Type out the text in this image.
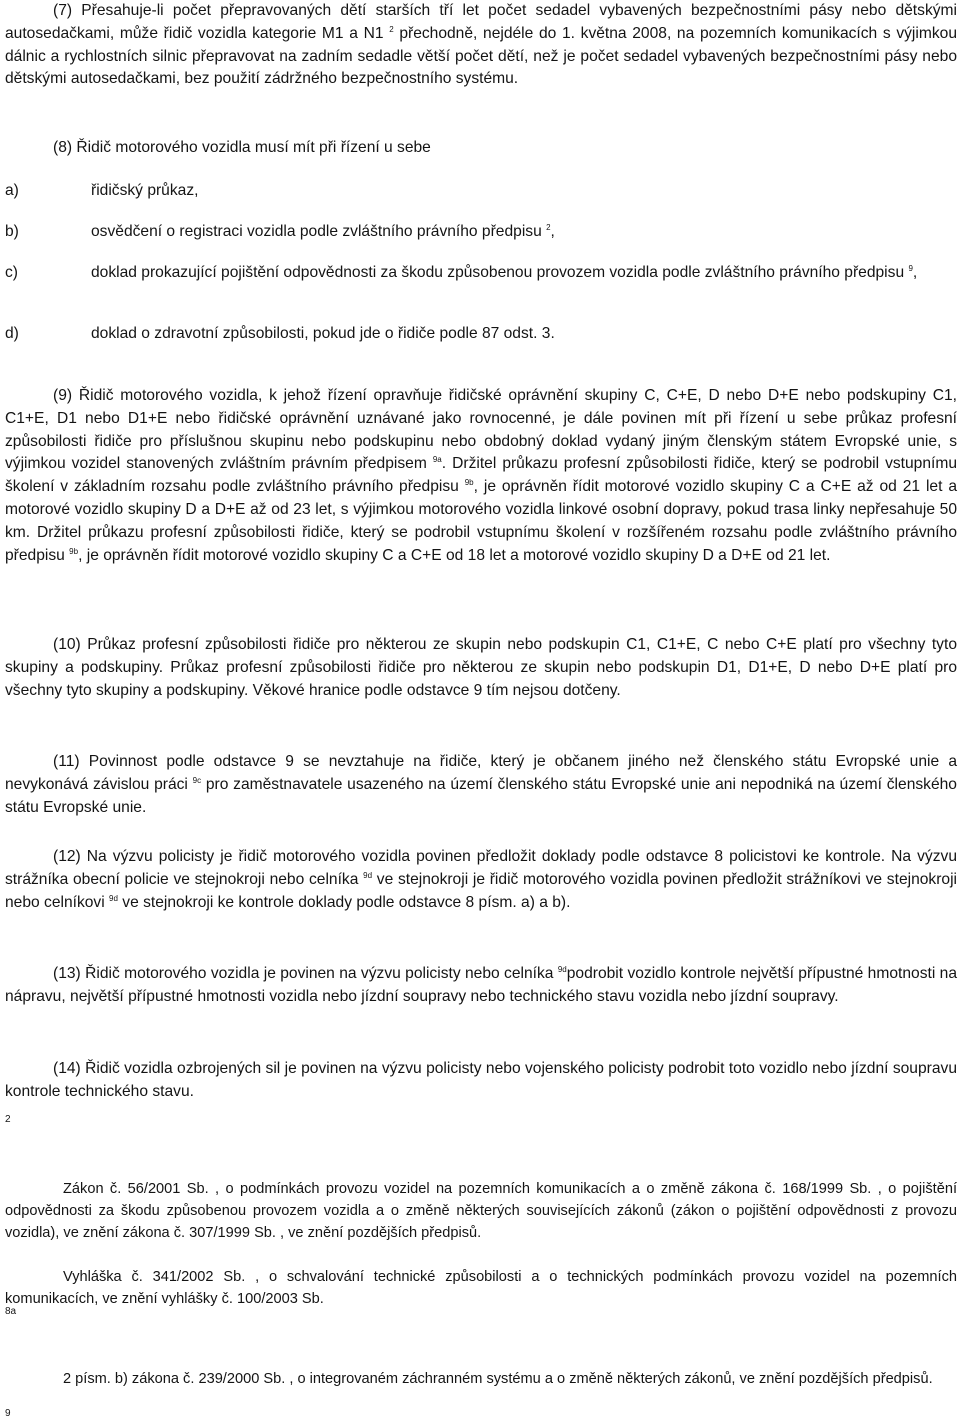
(7) Přesahuje-li počet přepravovaných dětí starších tří let počet sedadel vybavených bezpečnostními pásy nebo dětskými autosedačkami, může řidič vozidla kategorie M1 a N1 $^2$ přechodně, nejdéle do 1. května 2008, na pozemních komunikacích s výjimkou dálnic a rychlostních silnic přepravovat na zadním sedadle větší počet dětí, než je počet sedadel vybavených bezpečnostními pásy nebo dětskými autosedačkami, bez použití zádržného bezpečnostního systému.

(8) Řidič motorového vozidla musí mít při řízení u sebe

a)	řidičský průkaz,
b)	osvědčení o registraci vozidla podle zvláštního právního předpisu $^2$,
c)	doklad prokazující pojištění odpovědnosti za škodu způsobenou provozem vozidla podle zvláštního právního předpisu $^9$,
d)	doklad o zdravotní způsobilosti, pokud jde o řidiče podle 87 odst. 3.

(9) Řidič motorového vozidla, k jehož řízení opravňuje řidičské oprávnění skupiny C, C+E, D nebo D+E nebo podskupiny C1, C1+E, D1 nebo D1+E nebo řidičské oprávnění uznávané jako rovnocenné, je dále povinen mít při řízení u sebe průkaz profesní způsobilosti řidiče pro příslušnou skupinu nebo podskupinu nebo obdobný doklad vydaný jiným členským státem Evropské unie, s výjimkou vozidel stanovených zvláštním právním předpisem $^{9a}$. Držitel průkazu profesní způsobilosti řidiče, který se podrobil vstupnímu školení v základním rozsahu podle zvláštního právního předpisu $^{9b}$, je oprávněn řídit motorové vozidlo skupiny C a C+E až od 21 let a motorové vozidlo skupiny D a D+E až od 23 let, s výjimkou motorového vozidla linkové osobní dopravy, pokud trasa linky nepřesahuje 50 km. Držitel průkazu profesní způsobilosti řidiče, který se podrobil vstupnímu školení v rozšířeném rozsahu podle zvláštního právního předpisu $^{9b}$, je oprávněn řídit motorové vozidlo skupiny C a C+E od 18 let a motorové vozidlo skupiny D a D+E od 21 let.

(10) Průkaz profesní způsobilosti řidiče pro některou ze skupin nebo podskupin C1, C1+E, C nebo C+E platí pro všechny tyto skupiny a podskupiny. Průkaz profesní způsobilosti řidiče pro některou ze skupin nebo podskupin D1, D1+E, D nebo D+E platí pro všechny tyto skupiny a podskupiny. Věkové hranice podle odstavce 9 tím nejsou dotčeny.

(11) Povinnost podle odstavce 9 se nevztahuje na řidiče, který je občanem jiného než členského státu Evropské unie a nevykonává závislou práci $^{9c}$ pro zaměstnavatele usazeného na území členského státu Evropské unie ani nepodniká na území členského státu Evropské unie.

(12) Na výzvu policisty je řidič motorového vozidla povinen předložit doklady podle odstavce 8 policistovi ke kontrole. Na výzvu strážníka obecní policie ve stejnokroji nebo celníka $^{9d}$ ve stejnokroji je řidič motorového vozidla povinen předložit strážníkovi ve stejnokroji nebo celníkovi $^{9d}$ ve stejnokroji ke kontrole doklady podle odstavce 8 písm. a) a b).

(13) Řidič motorového vozidla je povinen na výzvu policisty nebo celníka $^{9d}$podrobit vozidlo kontrole největší přípustné hmotnosti na nápravu, největší přípustné hmotnosti vozidla nebo jízdní soupravy nebo technického stavu vozidla nebo jízdní soupravy.

(14) Řidič vozidla ozbrojených sil je povinen na výzvu policisty nebo vojenského policisty podrobit toto vozidlo nebo jízdní soupravu kontrole technického stavu.

2

Zákon č. 56/2001 Sb. , o podmínkách provozu vozidel na pozemních komunikacích a o změně zákona č. 168/1999 Sb. , o pojištění odpovědnosti za škodu způsobenou provozem vozidla a o změně některých souvisejících zákonů (zákon o pojištění odpovědnosti z provozu vozidla), ve znění zákona č. 307/1999 Sb. , ve znění pozdějších předpisů.

Vyhláška č. 341/2002 Sb. , o schvalování technické způsobilosti a o technických podmínkách provozu vozidel na pozemních komunikacích, ve znění vyhlášky č. 100/2003 Sb.

8a

2 písm. b) zákona č. 239/2000 Sb. , o integrovaném záchranném systému a o změně některých zákonů, ve znění pozdějších předpisů.

9
